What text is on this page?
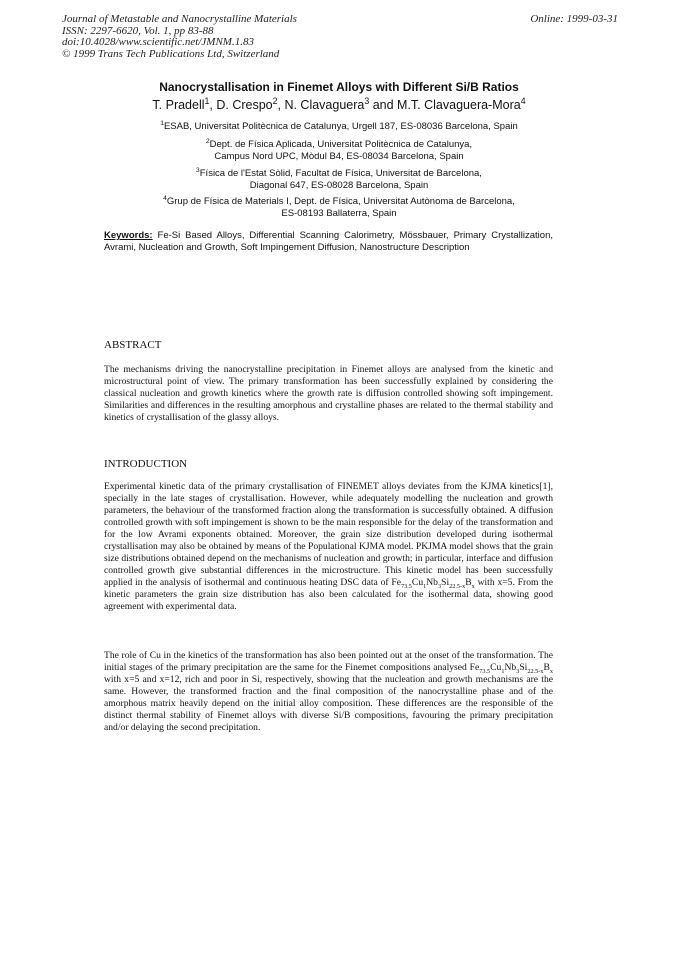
Journal of Metastable and Nanocrystalline Materials
ISSN: 2297-6620, Vol. 1, pp 83-88
doi:10.4028/www.scientific.net/JMNM.1.83
© 1999 Trans Tech Publications Ltd, Switzerland
Online: 1999-03-31
Nanocrystallisation in Finemet Alloys with Different Si/B Ratios
T. Pradell$^1$, D. Crespo$^2$, N. Clavaguera$^3$ and M.T. Clavaguera-Mora$^4$
$^1$ESAB, Universitat Politècnica de Catalunya, Urgell 187, ES-08036 Barcelona, Spain
$^2$Dept. de Física Aplicada, Universitat Politècnica de Catalunya,
Campus Nord UPC, Mòdul B4, ES-08034 Barcelona, Spain
$^3$Física de l'Estat Sòlid, Facultat de Física, Universitat de Barcelona,
Diagonal 647, ES-08028 Barcelona, Spain
$^4$Grup de Física de Materials I, Dept. de Física, Universitat Autònoma de Barcelona,
ES-08193 Ballaterra, Spain
Keywords: Fe-Si Based Alloys, Differential Scanning Calorimetry, Mössbauer, Primary Crystallization, Avrami, Nucleation and Growth, Soft Impingement Diffusion, Nanostructure Description
ABSTRACT
The mechanisms driving the nanocrystalline precipitation in Finemet alloys are analysed from the kinetic and microstructural point of view. The primary transformation has been successfully explained by considering the classical nucleation and growth kinetics where the growth rate is diffusion controlled showing soft impingement. Similarities and differences in the resulting amorphous and crystalline phases are related to the thermal stability and kinetics of crystallisation of the glassy alloys.
INTRODUCTION
Experimental kinetic data of the primary crystallisation of FINEMET alloys deviates from the KJMA kinetics[1], specially in the late stages of crystallisation. However, while adequately modelling the nucleation and growth parameters, the behaviour of the transformed fraction along the transformation is successfully obtained. A diffusion controlled growth with soft impingement is shown to be the main responsible for the delay of the transformation and for the low Avrami exponents obtained. Moreover, the grain size distribution developed during isothermal crystallisation may also be obtained by means of the Populational KJMA model. PKJMA model shows that the grain size distributions obtained depend on the mechanisms of nucleation and growth; in particular, interface and diffusion controlled growth give substantial differences in the microstructure. This kinetic model has been successfully applied in the analysis of isothermal and continuous heating DSC data of $Fe_{73.5}Cu_1Nb_3Si_{22.5-x}B_x$ with x=5. From the kinetic parameters the grain size distribution has also been calculated for the isothermal data, showing good agreement with experimental data.
The role of Cu in the kinetics of the transformation has also been pointed out at the onset of the transformation. The initial stages of the primary precipitation are the same for the Finemet compositions analysed $Fe_{73.5}Cu_1Nb_3Si_{22.5-x}B_x$ with x=5 and x=12, rich and poor in Si, respectively, showing that the nucleation and growth mechanisms are the same. However, the transformed fraction and the final composition of the nanocrystalline phase and of the amorphous matrix heavily depend on the initial alloy composition. These differences are the responsible of the distinct thermal stability of Finemet alloys with diverse Si/B compositions, favouring the primary precipitation and/or delaying the second precipitation.
